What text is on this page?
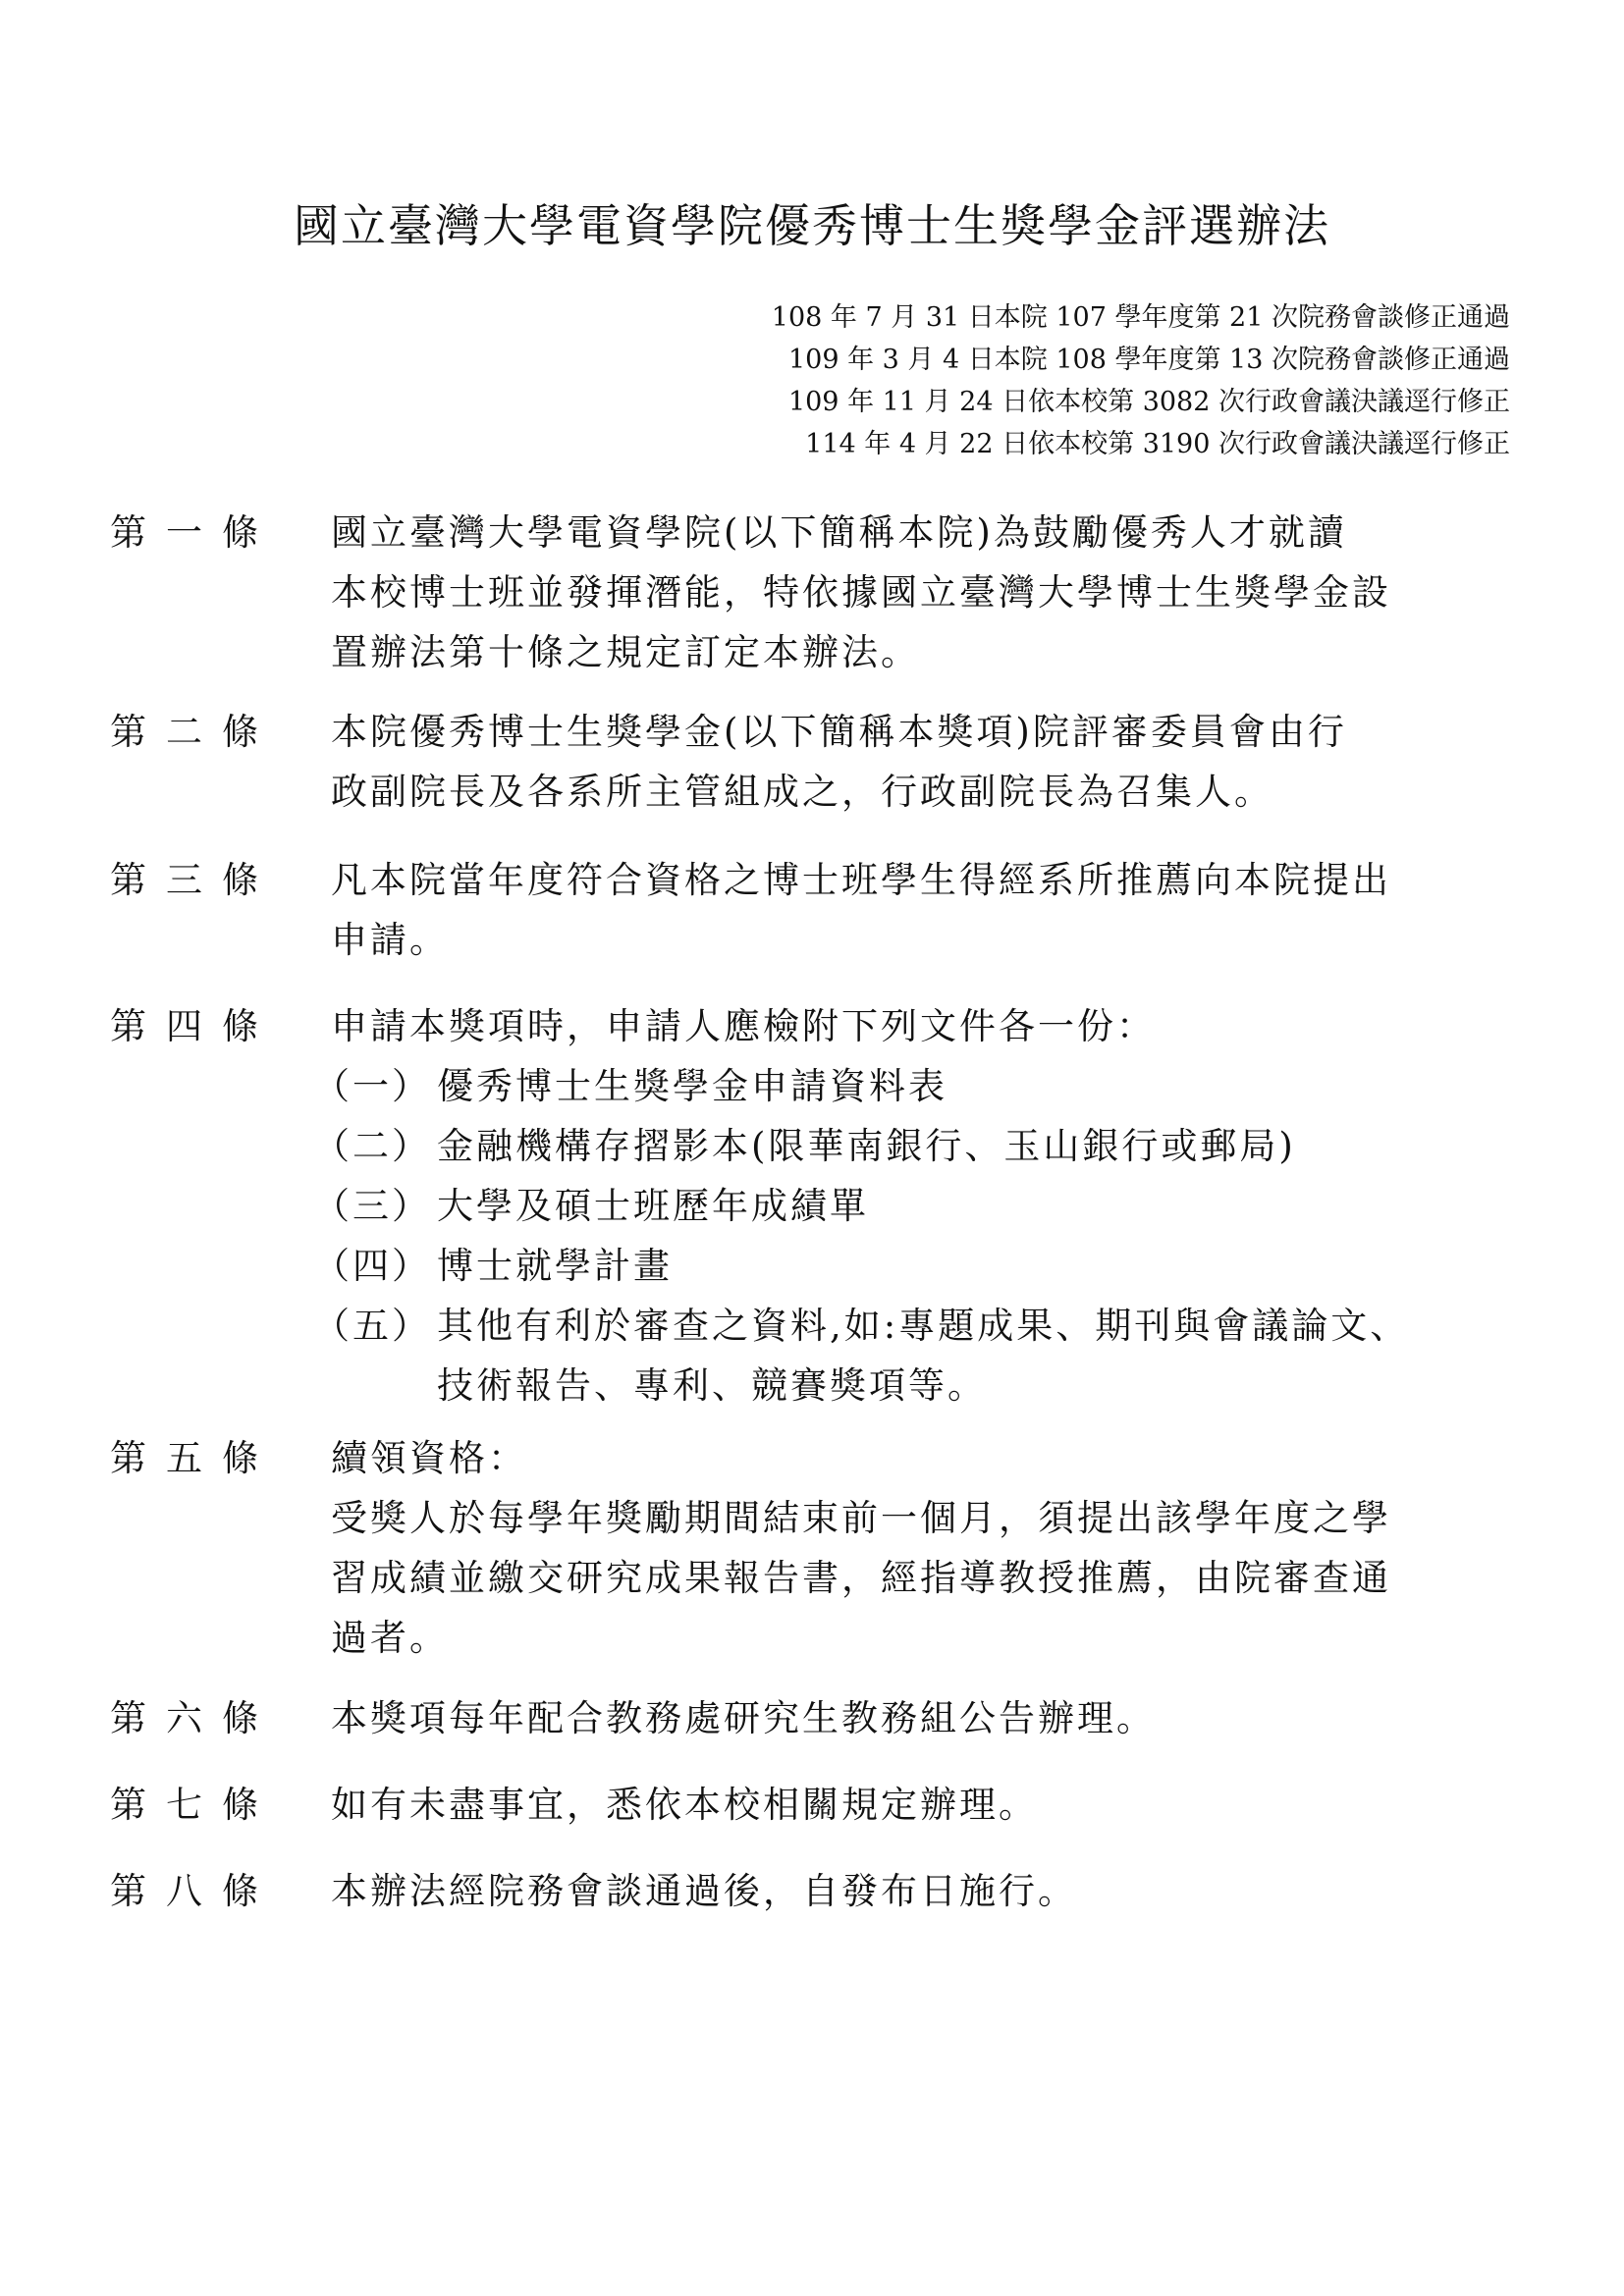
國立臺灣大學電資學院優秀博士生獎學金評選辦法
108 年 7 月 31 日本院 107 學年度第 21 次院務會談修正通過
109 年 3 月 4 日本院 108 學年度第 13 次院務會談修正通過
109 年 11 月 24 日依本校第 3082 次行政會議決議逕行修正
114 年 4 月 22 日依本校第 3190 次行政會議決議逕行修正
第一條	國立臺灣大學電資學院(以下簡稱本院)為鼓勵優秀人才就讀
本校博士班並發揮潛能，特依據國立臺灣大學博士生獎學金設
置辦法第十條之規定訂定本辦法。
第二條	本院優秀博士生獎學金(以下簡稱本獎項)院評審委員會由行
政副院長及各系所主管組成之，行政副院長為召集人。
第三條	凡本院當年度符合資格之博士班學生得經系所推薦向本院提出
申請。
第四條	申請本獎項時，申請人應檢附下列文件各一份：
（一） 優秀博士生獎學金申請資料表
（二） 金融機構存摺影本(限華南銀行、玉山銀行或郵局)
（三） 大學及碩士班歷年成績單
（四） 博士就學計畫
（五） 其他有利於審查之資料,如:專題成果、期刊與會議論文、
技術報告、專利、競賽獎項等。
第五條	續領資格：
受獎人於每學年獎勵期間結束前一個月，須提出該學年度之學
習成績並繳交研究成果報告書，經指導教授推薦，由院審查通
過者。
第六條	本獎項每年配合教務處研究生教務組公告辦理。
第七條	如有未盡事宜，悉依本校相關規定辦理。
第八條	本辦法經院務會談通過後，自發布日施行。
